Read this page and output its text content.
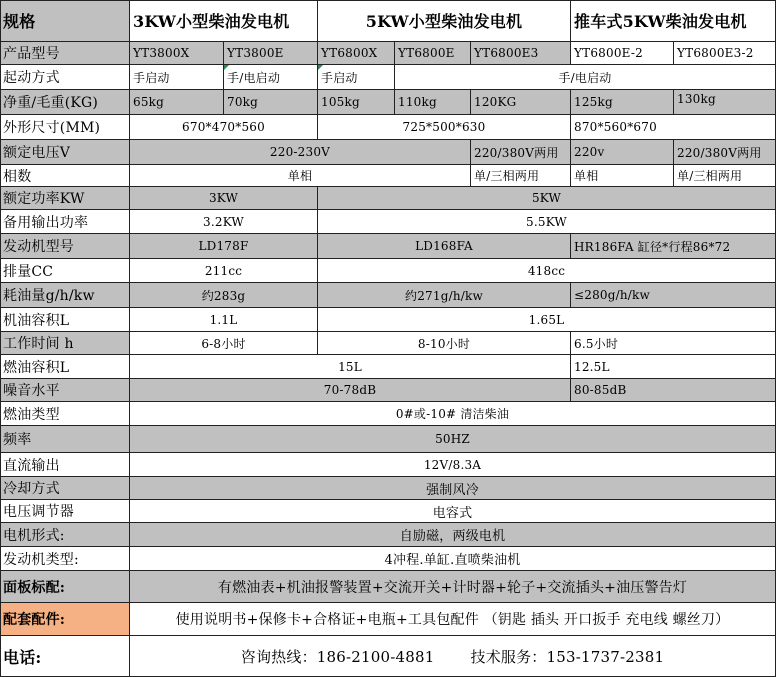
规格	3KW小型柴油发电机	5KW小型柴油发电机	推车式5KW柴油发电机
产品型号	YT3800X	YT3800E	YT6800X	YT6800E	YT6800E3	YT6800E-2	YT6800E3-2
起动方式	手启动	手/电启动	手启动	手/电启动
净重/毛重(KG)	65kg	70kg	105kg	110kg	120KG	125kg	130kg
外形尺寸(MM)	670*470*560	725*500*630	870*560*670
额定电压V	220-230V	220/380V两用	220v	220/380V两用
相数	单相	单/三相两用	单相	单/三相两用
额定功率KW	3KW	5KW
备用输出功率	3.2KW	5.5KW
发动机型号	LD178F	LD168FA	HR186FA 缸径*行程86*72
排量CC	211cc	418cc
耗油量g/h/kw	约283g	约271g/h/kw	≤280g/h/kw
机油容积L	1.1L	1.65L
工作时间 h	6-8小时	8-10小时	6.5小时
燃油容积L	15L	12.5L
噪音水平	70-78dB	80-85dB
燃油类型	0#或-10# 清洁柴油
频率	50HZ
直流输出	12V/8.3A
冷却方式	强制风冷
电压调节器	电容式
电机形式:	自励磁，两级电机
发动机类型:	4冲程.单缸.直喷柴油机
面板标配:	有燃油表+机油报警装置+交流开关+计时器+轮子+交流插头+油压警告灯
配套配件:	使用说明书+保修卡+合格证+电瓶+工具包配件 （钥匙 插头 开口扳手 充电线 螺丝刀）
电话:	咨询热线：186-2100-4881 技术服务：153-1737-2381
